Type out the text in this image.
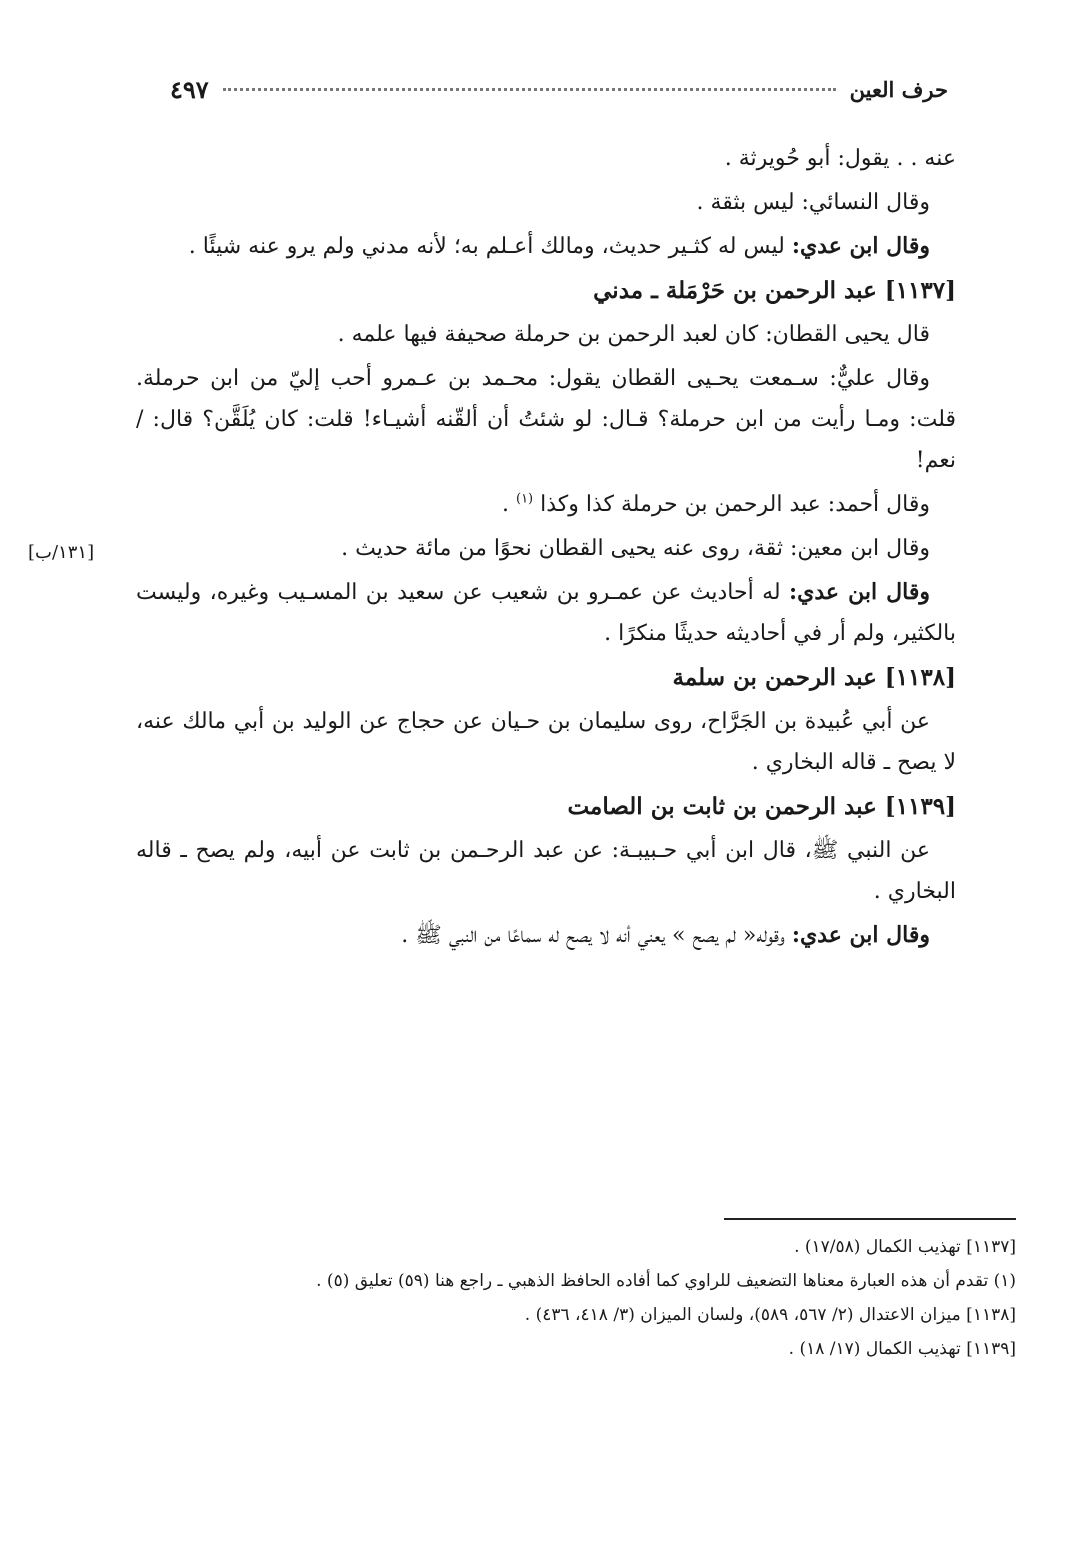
حرف العين
٤٩٧
[١٣١/ب]

عنه . . يقول: أبو حُويرثة .

وقال النسائي: ليس بثقة .

وقال ابن عدي: ليس له كثـير حديث، ومالك أعـلم به؛ لأنه مدني ولم يرو عنه شيئًا .

[١١٣٧] عبد الرحمن بن حَرْمَلة ـ مدني

قال يحيى القطان: كان لعبد الرحمن بن حرملة صحيفة فيها علمه .

وقال عليٌّ: سـمعت يحـيى القطان يقول: محـمد بن عـمرو أحب إليّ من ابن حرملة. قلت: ومـا رأيت من ابن حرملة؟ قـال: لو شئتُ أن ألقّنه أشيـاء! قلت: كان يُلَقَّن؟ قال: / نعم!

وقال أحمد: عبد الرحمن بن حرملة كذا وكذا $^{(١)}$ .

وقال ابن معين: ثقة، روى عنه يحيى القطان نحوًا من مائة حديث .

وقال ابن عدي: له أحاديث عن عمـرو بن شعيب عن سعيد بن المسـيب وغيره، وليست بالكثير، ولم أر في أحاديثه حديثًا منكرًا .

[١١٣٨] عبد الرحمن بن سلمة

عن أبي عُبيدة بن الجَرَّاح، روى سليمان بن حـيان عن حجاج عن الوليد بن أبي مالك عنه، لا يصح ـ قاله البخاري .

[١١٣٩] عبد الرحمن بن ثابت بن الصامت

عن النبي ﷺ، قال ابن أبي حـبيبـة: عن عبد الرحـمن بن ثابت عن أبيه، ولم يصح ـ قاله البخاري .

وقال ابن عدي: وقوله« لم يصح » يعني أنه لا يصح له سماعًا من النبي ﷺ .

[١١٣٧] تهذيب الكمال (١٧/٥٨) .

(١) تقدم أن هذه العبارة معناها التضعيف للراوي كما أفاده الحافظ الذهبي ـ راجع هنا (٥٩) تعليق (٥) .

[١١٣٨] ميزان الاعتدال (٢/ ٥٦٧، ٥٨٩)، ولسان الميزان (٣/ ٤١٨، ٤٣٦) .

[١١٣٩] تهذيب الكمال (١٧/ ١٨) .
